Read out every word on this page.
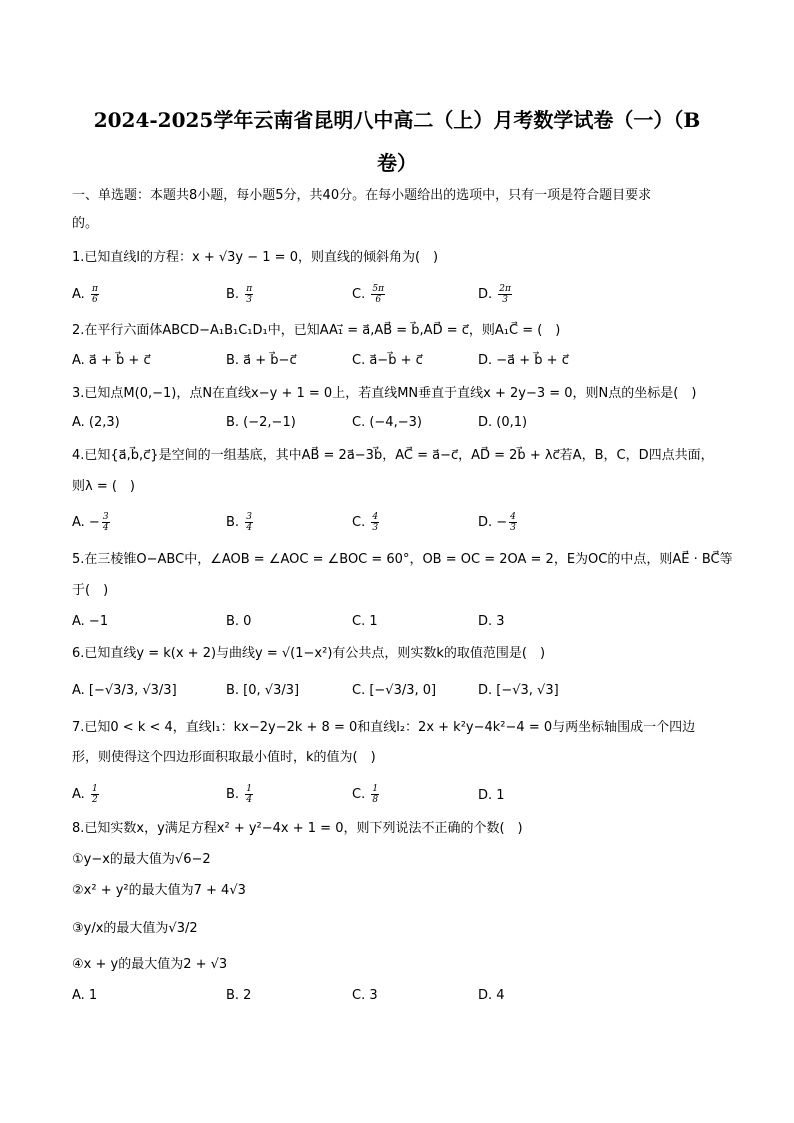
2024-2025学年云南省昆明八中高二（上）月考数学试卷（一）（B
卷）
一、单选题：本题共8小题，每小题5分，共40分。在每小题给出的选项中，只有一项是符合题目要求
的。
1.已知直线l的方程：x + √3y − 1 = 0，则直线的倾斜角为(　)
A. $\frac{\pi}{6}$	B. $\frac{\pi}{3}$	C. $\frac{5\pi}{6}$	D. $\frac{2\pi}{3}$
2.在平行六面体ABCD−A₁B₁C₁D₁中，已知AA₁⃗ = a⃗,AB⃗ = b⃗,AD⃗ = c⃗，则A₁C⃗ = (　)
A. a⃗ + b⃗ + c⃗	B. a⃗ + b⃗−c⃗	C. a⃗−b⃗ + c⃗	D. −a⃗ + b⃗ + c⃗
3.已知点M(0,−1)，点N在直线x−y + 1 = 0上，若直线MN垂直于直线x + 2y−3 = 0，则N点的坐标是(　)
A. (2,3)	B. (−2,−1)	C. (−4,−3)	D. (0,1)
4.已知{a⃗,b⃗,c⃗}是空间的一组基底，其中AB⃗ = 2a⃗−3b⃗，AC⃗ = a⃗−c⃗，AD⃗ = 2b⃗ + λc⃗若A，B，C，D四点共面，
则λ = (　)
A. − $\frac{3}{4}$	B. $\frac{3}{4}$	C. $\frac{4}{3}$	D. − $\frac{4}{3}$
5.在三棱锥O−ABC中，∠AOB = ∠AOC = ∠BOC = 60°，OB = OC = 2OA = 2，E为OC的中点，则AE⃗ · BC⃗等
于(　)
A. −1	B. 0	C. 1	D. 3
6.已知直线y = k(x + 2)与曲线y = √(1−x²)有公共点，则实数k的取值范围是(　)
A. [−√3/3, √3/3]	B. [0, √3/3]	C. [−√3/3, 0]	D. [−√3, √3]
7.已知0 < k < 4，直线l₁：kx−2y−2k + 8 = 0和直线l₂：2x + k²y−4k²−4 = 0与两坐标轴围成一个四边
形，则使得这个四边形面积取最小值时，k的值为(　)
A. $\frac{1}{2}$	B. $\frac{1}{4}$	C. $\frac{1}{8}$	D. 1
8.已知实数x，y满足方程x² + y²−4x + 1 = 0，则下列说法不正确的个数(　)
①y−x的最大值为√6−2
②x² + y²的最大值为7 + 4√3
③y/x的最大值为√3/2
④x + y的最大值为2 + √3
A. 1	B. 2	C. 3	D. 4
